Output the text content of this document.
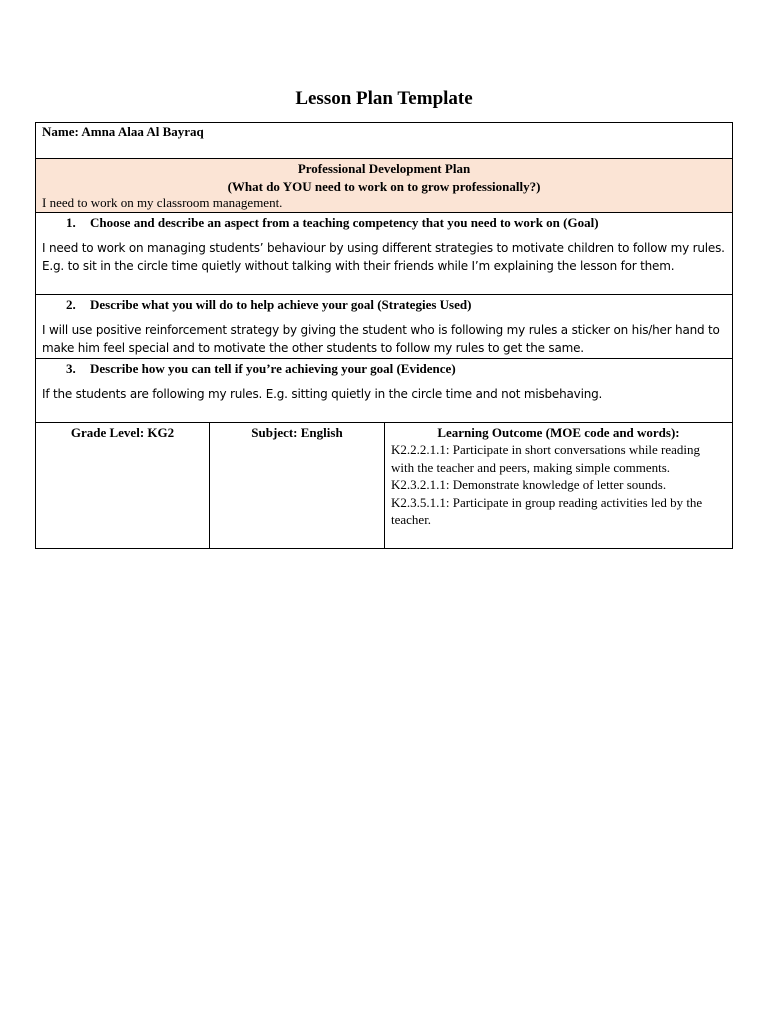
Lesson Plan Template
Name: Amna Alaa Al Bayraq
Professional Development Plan
(What do YOU need to work on to grow professionally?)
I need to work on my classroom management.
1. Choose and describe an aspect from a teaching competency that you need to work on (Goal)
I need to work on managing students’ behaviour by using different strategies to motivate children to follow my rules. E.g. to sit in the circle time quietly without talking with their friends while I’m explaining the lesson for them.
2. Describe what you will do to help achieve your goal (Strategies Used)
I will use positive reinforcement strategy by giving the student who is following my rules a sticker on his/her hand to make him feel special and to motivate the other students to follow my rules to get the same.
3. Describe how you can tell if you’re achieving your goal (Evidence)
If the students are following my rules. E.g. sitting quietly in the circle time and not misbehaving.
Grade Level: KG2	Subject: English	Learning Outcome (MOE code and words):
K2.2.2.1.1: Participate in short conversations while reading with the teacher and peers, making simple comments.
K2.3.2.1.1: Demonstrate knowledge of letter sounds.
K2.3.5.1.1: Participate in group reading activities led by the teacher.
